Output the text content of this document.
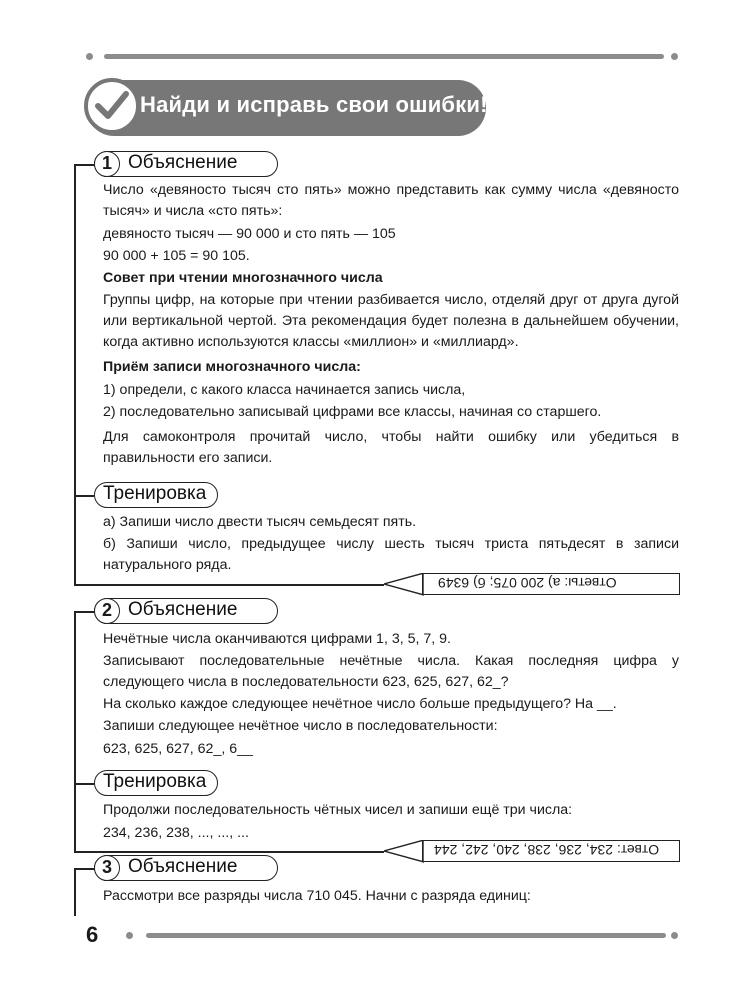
Найди и исправь свои ошибки!
1 Объяснение
Число «девяносто тысяч сто пять» можно представить как сумму числа «девяносто тысяч» и числа «сто пять»:
девяносто тысяч — 90 000 и сто пять — 105
90 000 + 105 = 90 105.
Совет при чтении многозначного числа
Группы цифр, на которые при чтении разбивается число, отделяй друг от друга дугой или вертикальной чертой. Эта рекомендация будет полезна в дальнейшем обучении, когда активно используются классы «миллион» и «миллиард».
Приём записи многозначного числа:
1) определи, с какого класса начинается запись числа,
2) последовательно записывай цифрами все классы, начиная со старшего.
Для самоконтроля прочитай число, чтобы найти ошибку или убедиться в правильности его записи.
Тренировка
а) Запиши число двести тысяч семьдесят пять.
б) Запиши число, предыдущее числу шесть тысяч триста пятьдесят в записи натурального ряда.
Ответы: а) 200 075; б) 6349
2 Объяснение
Нечётные числа оканчиваются цифрами 1, 3, 5, 7, 9.
Записывают последовательные нечётные числа. Какая последняя цифра у следующего числа в последовательности 623, 625, 627, 62_?
На сколько каждое следующее нечётное число больше предыдущего? На __.
Запиши следующее нечётное число в последовательности:
623, 625, 627, 62_, 6__
Тренировка
Продолжи последовательность чётных чисел и запиши ещё три числа:
234, 236, 238, ..., ..., ...
Ответ: 234, 236, 238, 240, 242, 244
3 Объяснение
Рассмотри все разряды числа 710 045. Начни с разряда единиц:
6
